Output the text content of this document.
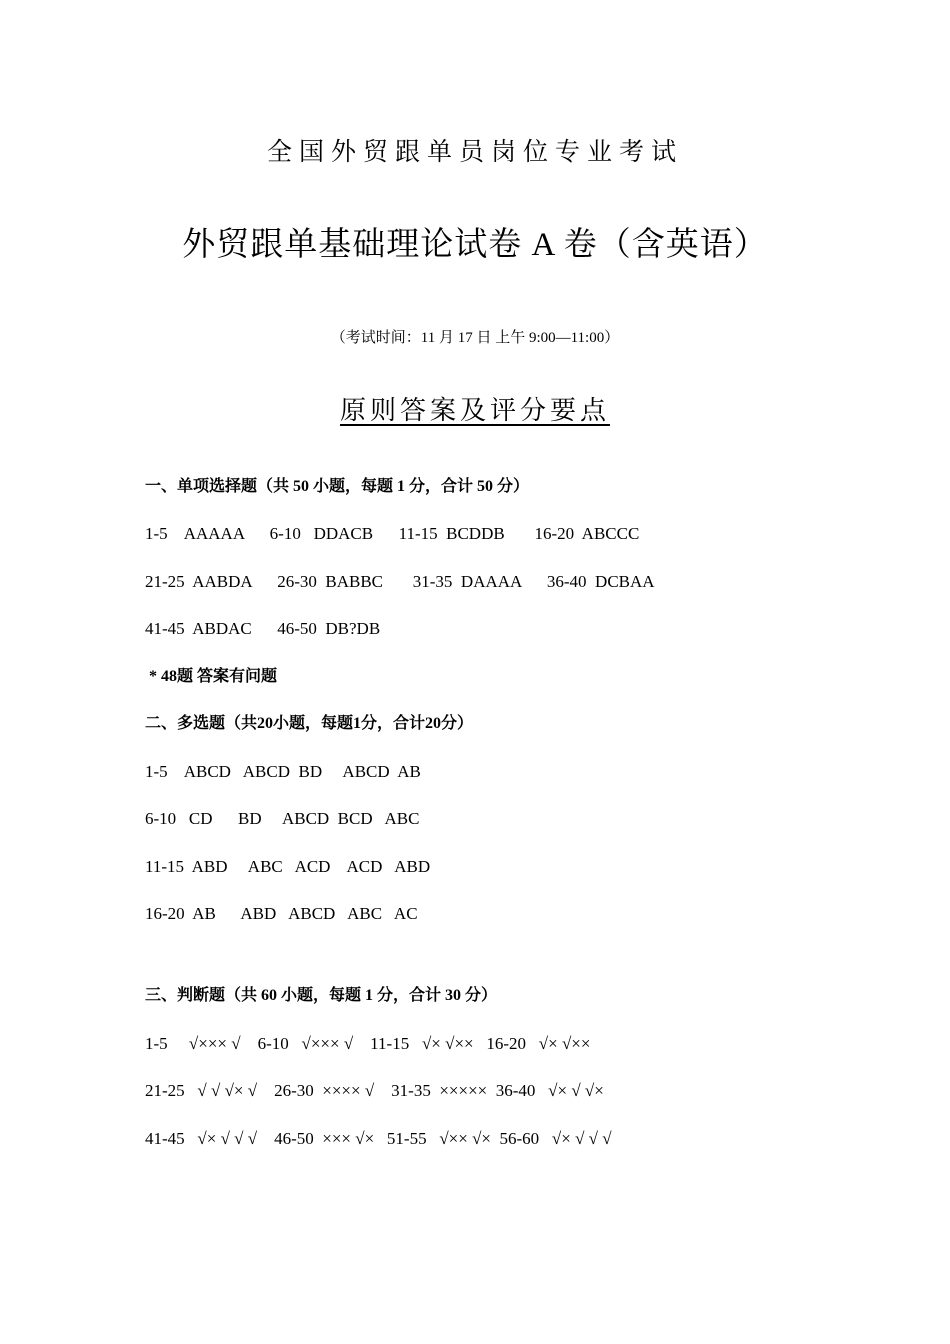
全国外贸跟单员岗位专业考试
外贸跟单基础理论试卷 A 卷（含英语）
（考试时间：11 月 17 日 上午 9:00—11:00）
原则答案及评分要点
一、单项选择题（共 50 小题，每题 1 分，合计 50 分）
1-5    AAAAA      6-10   DDACB      11-15  BCDDB       16-20  ABCCC
21-25  AABDA      26-30  BABBC       31-35  DAAAA      36-40  DCBAA
41-45  ABDAC      46-50  DB?DB
* 48题 答案有问题
二、多选题（共20小题，每题1分，合计20分）
1-5    ABCD   ABCD  BD     ABCD  AB
6-10   CD      BD     ABCD  BCD   ABC
11-15  ABD     ABC   ACD    ACD   ABD
16-20  AB      ABD   ABCD   ABC   AC
三、判断题（共 60 小题，每题 1 分，合计 30 分）
1-5     √××× √    6-10   √××× √    11-15   √× √××   16-20   √× √××
21-25   √ √ √× √    26-30  ×××× √    31-35  ×××××  36-40   √× √ √×
41-45   √× √ √ √    46-50  ××× √×   51-55   √×× √×  56-60   √× √ √ √
